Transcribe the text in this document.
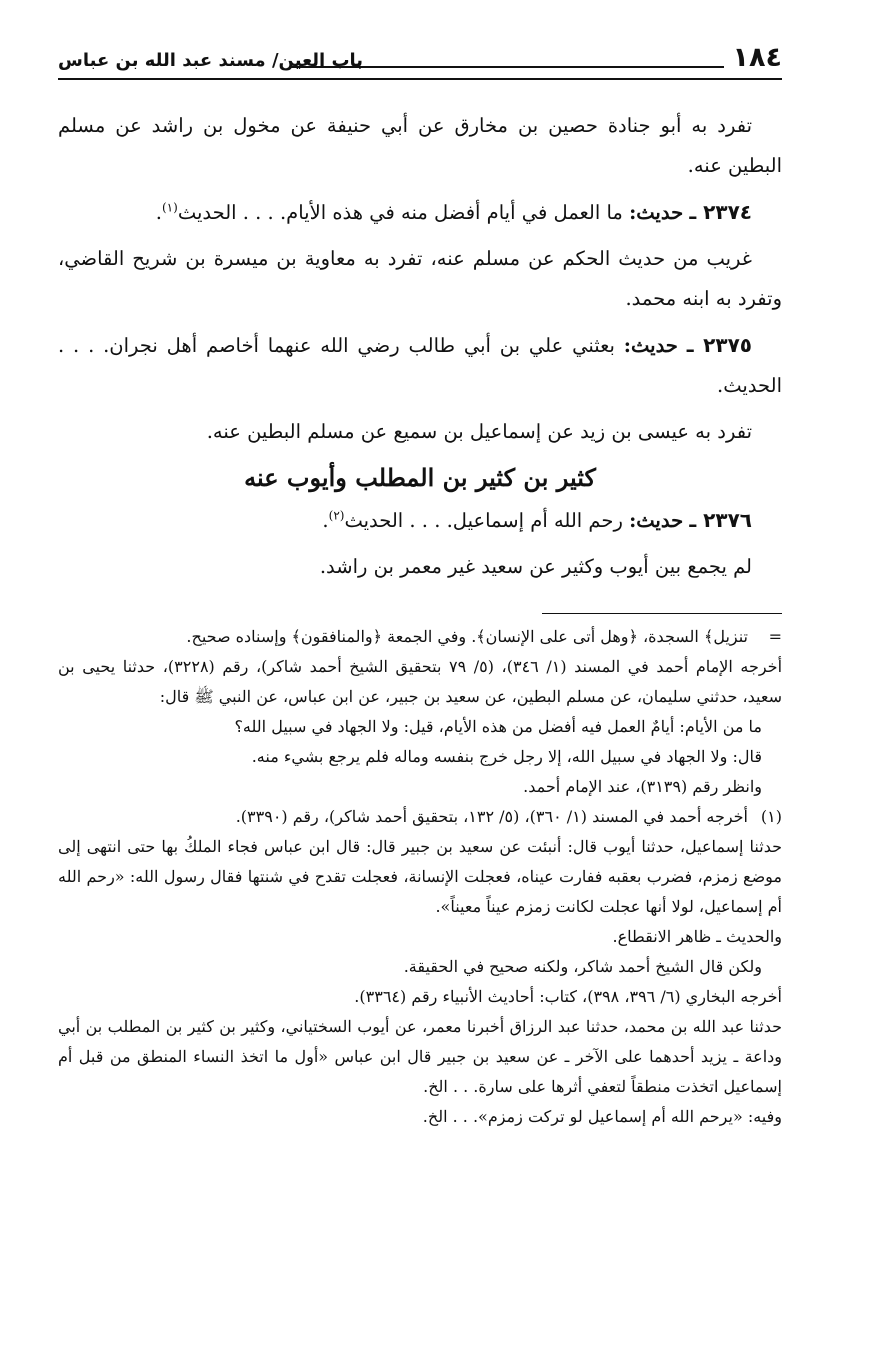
١٨٤
باب العين/ مسند عبد الله بن عباس

تفرد به أبو جنادة حصين بن مخارق عن أبي حنيفة عن مخول بن راشد عن مسلم البطين عنه.

٢٣٧٤ ـ حديث: ما العمل في أيام أفضل منه في هذه الأيام. . . . الحديث$^{(١)}$.

غريب من حديث الحكم عن مسلم عنه، تفرد به معاوية بن ميسرة بن شريح القاضي، وتفرد به ابنه محمد.

٢٣٧٥ ـ حديث: بعثني علي بن أبي طالب رضي الله عنهما أخاصم أهل نجران. . . . الحديث.

تفرد به عيسى بن زيد عن إسماعيل بن سميع عن مسلم البطين عنه.

كثير بن كثير بن المطلب وأيوب عنه

٢٣٧٦ ـ حديث: رحم الله أم إسماعيل. . . . الحديث$^{(٢)}$.

لم يجمع بين أيوب وكثير عن سعيد غير معمر بن راشد.

=

تنزيل﴾ السجدة، ﴿وهل أتى على الإنسان﴾. وفي الجمعة ﴿والمنافقون﴾ وإسناده صحيح.

أخرجه الإمام أحمد في المسند (١/ ٣٤٦)، (٥/ ٧٩ بتحقيق الشيخ أحمد شاكر)، رقم (٣٢٢٨)، حدثنا يحيى بن سعيد، حدثني سليمان، عن مسلم البطين، عن سعيد بن جبير، عن ابن عباس، عن النبي ﷺ قال:

ما من الأيام: أيامٌ العمل فيه أفضل من هذه الأيام، قيل: ولا الجهاد في سبيل الله؟

قال: ولا الجهاد في سبيل الله، إلا رجل خرج بنفسه وماله فلم يرجع بشيء منه.

وانظر رقم (٣١٣٩)، عند الإمام أحمد.

(١)

أخرجه أحمد في المسند (١/ ٣٦٠)، (٥/ ١٣٢، بتحقيق أحمد شاكر)، رقم (٣٣٩٠).

حدثنا إسماعيل، حدثنا أيوب قال: أنبئت عن سعيد بن جبير قال: قال ابن عباس فجاء الملكُ بها حتى انتهى إلى موضع زمزم، فضرب بعقبه ففارت عيناه، فعجلت الإنسانة، فعجلت تقدح في شنتها فقال رسول الله: «رحم الله أم إسماعيل، لولا أنها عجلت لكانت زمزم عيناً معيناً».

والحديث ـ ظاهر الانقطاع.

ولكن قال الشيخ أحمد شاكر، ولكنه صحيح في الحقيقة.

أخرجه البخاري (٦/ ٣٩٦، ٣٩٨)، كتاب: أحاديث الأنبياء رقم (٣٣٦٤).

حدثنا عبد الله بن محمد، حدثنا عبد الرزاق أخبرنا معمر، عن أيوب السختياني، وكثير بن كثير بن المطلب بن أبي وداعة ـ يزيد أحدهما على الآخر ـ عن سعيد بن جبير قال ابن عباس «أول ما اتخذ النساء المنطق من قبل أم إسماعيل اتخذت منطقاً لتعفي أثرها على سارة. . . الخ.

وفيه: «يرحم الله أم إسماعيل لو تركت زمزم». . . الخ.
